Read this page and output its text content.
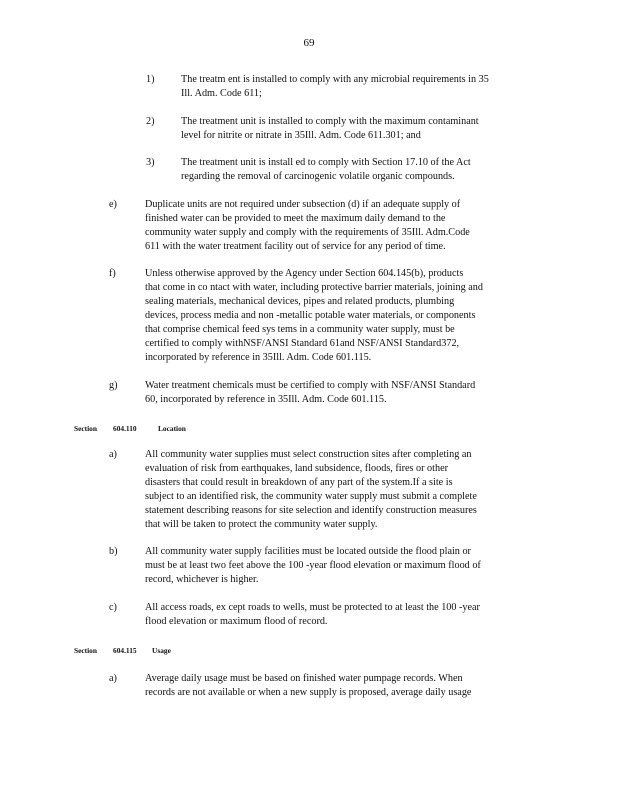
69
1)	The treatm ent is installed to comply with any microbial requirements in 35
Ill. Adm. Code 611;
2)	The treatment unit is installed to comply with the maximum contaminant
level for nitrite or nitrate in 35Ill. Adm. Code 611.301; and
3)	The treatment unit is install ed to comply with Section 17.10 of the Act
regarding the removal of carcinogenic volatile organic compounds.
e)	Duplicate units are not required under subsection (d) if an adequate supply of
finished water can be provided to meet the maximum daily demand to the
community water supply and comply with the requirements of 35Ill. Adm.Code
611 with the water treatment facility out of service for any period of time.
f)	Unless otherwise approved by the Agency under Section 604.145(b), products
that come in co ntact with water, including protective barrier materials, joining and
sealing materials, mechanical devices, pipes and related products, plumbing
devices, process media and non -metallic potable water materials, or components
that comprise chemical feed sys tems in a community water supply, must be
certified to comply withNSF/ANSI Standard 61and NSF/ANSI Standard372,
incorporated by reference in 35Ill. Adm. Code 601.115.
g)	Water treatment chemicals must be certified to comply with NSF/ANSI Standard
60, incorporated by reference in 35Ill. Adm. Code 601.115.
Section 604.110	Location
a)	All community water supplies must select construction sites after completing an
evaluation of risk from earthquakes, land subsidence, floods, fires or other
disasters that could result in breakdown of any part of the system.If a site is
subject to an identified risk, the community water supply must submit a complete
statement describing reasons for site selection and identify construction measures
that will be taken to protect the community water supply.
b)	All community water supply facilities must be located outside the flood plain or
must be at least two feet above the 100 -year flood elevation or maximum flood of
record, whichever is higher.
c)	All access roads, ex cept roads to wells, must be protected to at least the 100 -year
flood elevation or maximum flood of record.
Section 604.115 Usage
a)	Average daily usage must be based on finished water pumpage records. When
records are not available or when a new supply is proposed, average daily usage
